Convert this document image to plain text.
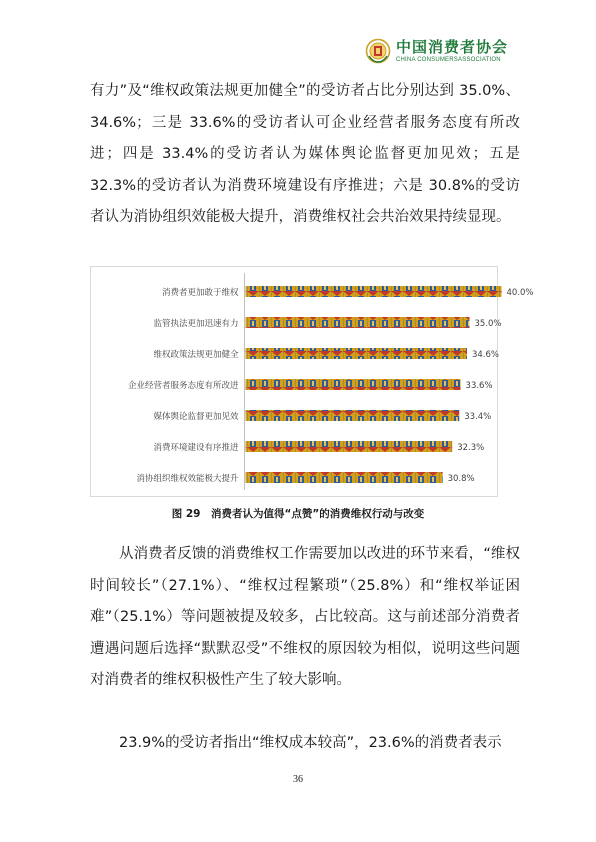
中国消费者协会
CHINA CONSUMERSASSOCIATION

有力”及“维权政策法规更加健全”的受访者占比分别达到 35.0%、34.6%；三是 33.6%的受访者认可企业经营者服务态度有所改进；四是 33.4%的受访者认为媒体舆论监督更加见效；五是 32.3%的受访者认为消费环境建设有序推进；六是 30.8%的受访者认为消协组织效能极大提升，消费维权社会共治效果持续显现。

消费者更加敢于维权	40.0%
监管执法更加迅速有力	35.0%
维权政策法规更加健全	34.6%
企业经营者服务态度有所改进	33.6%
媒体舆论监督更加见效	33.4%
消费环境建设有序推进	32.3%
消协组织维权效能极大提升	30.8%
图 29　消费者认为值得“点赞”的消费维权行动与改变

从消费者反馈的消费维权工作需要加以改进的环节来看，“维权时间较长”（27.1%）、“维权过程繁琐”（25.8%）和“维权举证困难”（25.1%）等问题被提及较多，占比较高。这与前述部分消费者遭遇问题后选择“默默忍受”不维权的原因较为相似，说明这些问题对消费者的维权积极性产生了较大影响。

23.9%的受访者指出“维权成本较高”，23.6%的消费者表示

36
